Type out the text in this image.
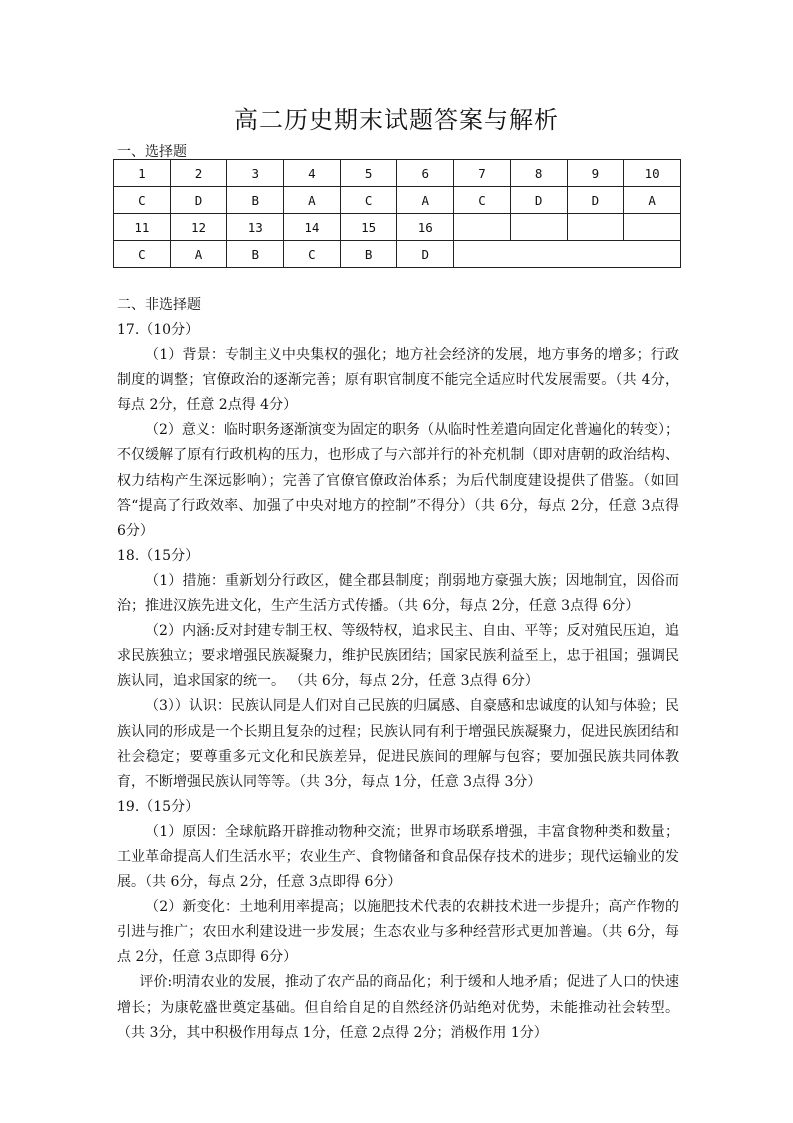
高二历史期末试题答案与解析
一、选择题
1	2	3	4	5	6	7	8	9	10
C	D	B	A	C	A	C	D	D	A
11	12	13	14	15	16				
C	A	B	C	B	D				
二、非选择题

17.（10分）

（1）背景：专制主义中央集权的强化；地方社会经济的发展，地方事务的增多；行政制度的调整；官僚政治的逐渐完善；原有职官制度不能完全适应时代发展需要。（共 4分，每点 2分，任意 2点得 4分）

（2）意义：临时职务逐渐演变为固定的职务（从临时性差遣向固定化普遍化的转变）；不仅缓解了原有行政机构的压力，也形成了与六部并行的补充机制（即对唐朝的政治结构、权力结构产生深远影响）；完善了官僚官僚政治体系；为后代制度建设提供了借鉴。（如回答“提高了行政效率、加强了中央对地方的控制”不得分）（共 6分，每点 2分，任意 3点得 6分）

18.（15分）

（1）措施：重新划分行政区，健全郡县制度；削弱地方豪强大族；因地制宜，因俗而治；推进汉族先进文化，生产生活方式传播。（共 6分，每点 2分，任意 3点得 6分）

（2）内涵:反对封建专制王权、等级特权，追求民主、自由、平等；反对殖民压迫，追求民族独立；要求增强民族凝聚力，维护民族团结；国家民族利益至上，忠于祖国；强调民族认同，追求国家的统一。 （共 6分，每点 2分，任意 3点得 6分）

（3））认识：民族认同是人们对自己民族的归属感、自豪感和忠诚度的认知与体验；民族认同的形成是一个长期且复杂的过程；民族认同有利于增强民族凝聚力，促进民族团结和社会稳定；要尊重多元文化和民族差异，促进民族间的理解与包容；要加强民族共同体教育，不断增强民族认同等等。（共 3分，每点 1分，任意 3点得 3分）

19.（15分）

（1）原因：全球航路开辟推动物种交流；世界市场联系增强，丰富食物种类和数量；工业革命提高人们生活水平；农业生产、食物储备和食品保存技术的进步；现代运输业的发展。（共 6分，每点 2分，任意 3点即得 6分）

（2）新变化：土地利用率提高；以施肥技术代表的农耕技术进一步提升；高产作物的引进与推广；农田水利建设进一步发展；生态农业与多种经营形式更加普遍。（共 6分，每点 2分，任意 3点即得 6分）

评价:明清农业的发展，推动了农产品的商品化；利于缓和人地矛盾；促进了人口的快速增长；为康乾盛世奠定基础。但自给自足的自然经济仍站绝对优势，未能推动社会转型。（共 3分，其中积极作用每点 1分，任意 2点得 2分；消极作用 1分）
